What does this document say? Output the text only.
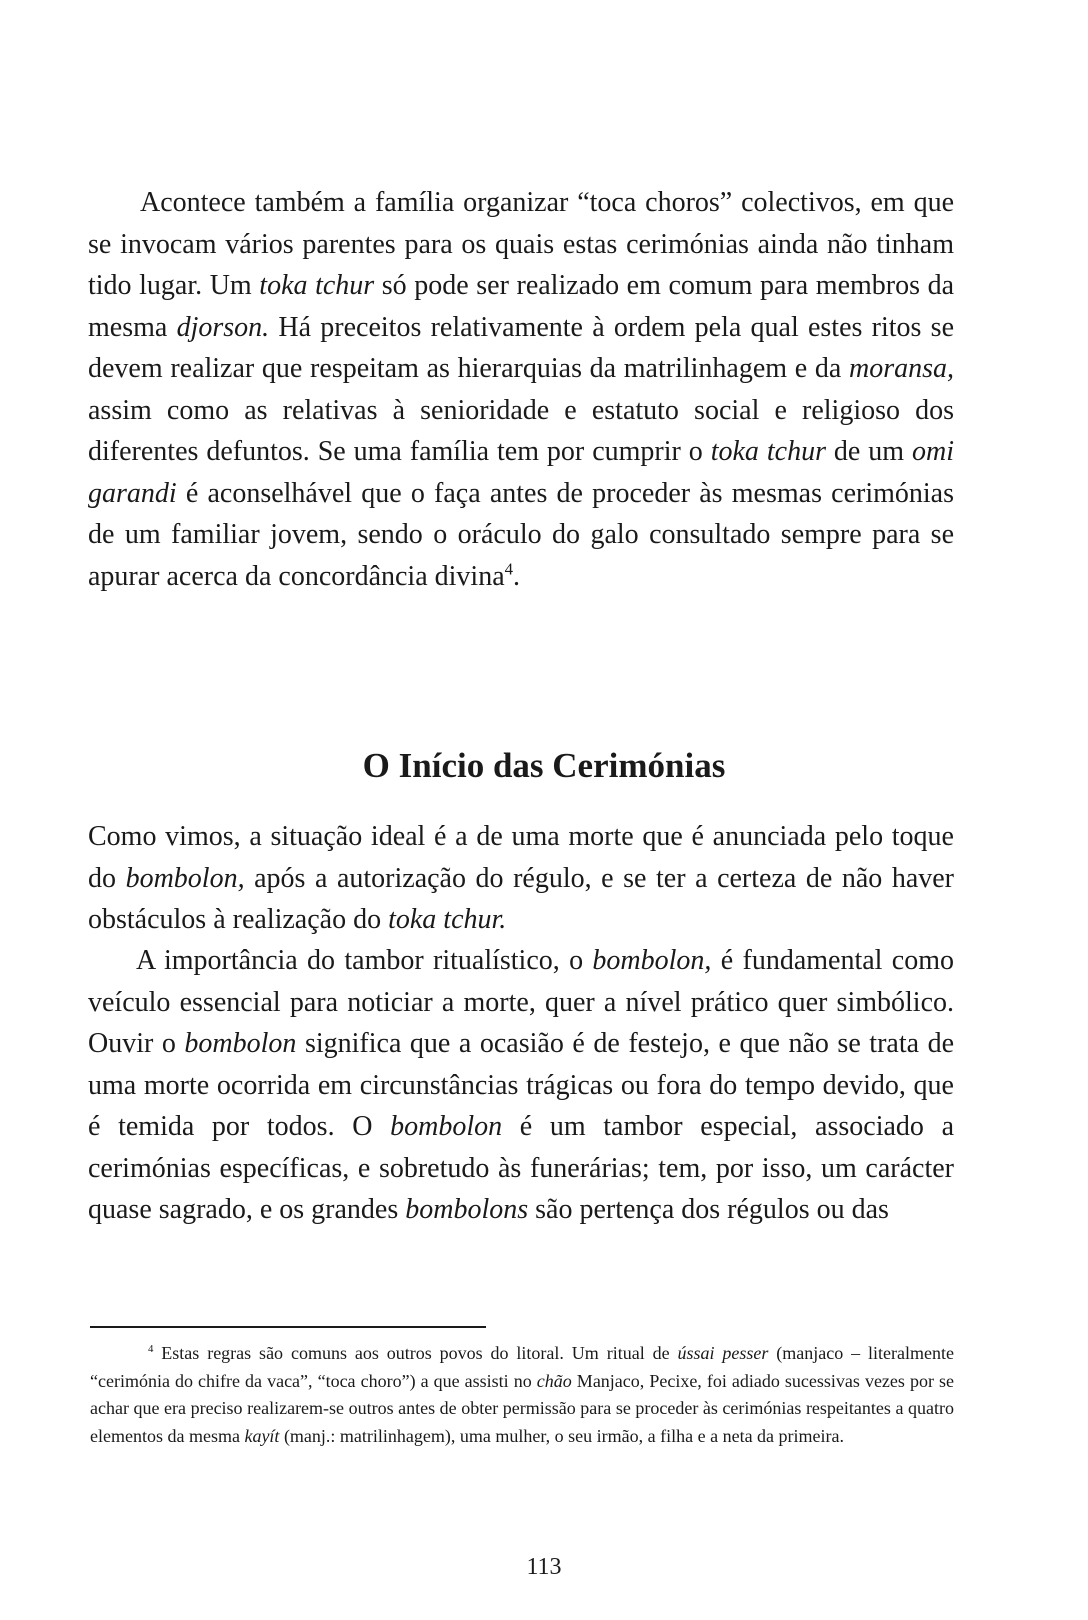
Acontece também a família organizar “toca choros” colectivos, em que se invocam vários parentes para os quais estas cerimónias ainda não tinham tido lugar. Um toka tchur só pode ser realizado em comum para membros da mesma djorson. Há preceitos relativamente à ordem pela qual estes ritos se devem realizar que respeitam as hierarquias da matrilinhagem e da moransa, assim como as relativas à senioridade e estatuto social e religioso dos diferentes defuntos. Se uma família tem por cumprir o toka tchur de um omi garandi é aconselhável que o faça antes de proceder às mesmas cerimónias de um familiar jovem, sendo o oráculo do galo consultado sempre para se apurar acerca da concordância divina$^4$.

O Início das Cerimónias

Como vimos, a situação ideal é a de uma morte que é anunciada pelo toque do bombolon, após a autorização do régulo, e se ter a certeza de não haver obstáculos à realização do toka tchur.

A importância do tambor ritualístico, o bombolon, é fundamental como veículo essencial para noticiar a morte, quer a nível prático quer simbólico. Ouvir o bombolon significa que a ocasião é de festejo, e que não se trata de uma morte ocorrida em circunstâncias trágicas ou fora do tempo devido, que é temida por todos. O bombolon é um tambor especial, associado a cerimónias específicas, e sobretudo às funerárias; tem, por isso, um carácter quase sagrado, e os grandes bombolons são pertença dos régulos ou das

$^4$ Estas regras são comuns aos outros povos do litoral. Um ritual de ússai pesser (manjaco – literalmente “cerimónia do chifre da vaca”, “toca choro”) a que assisti no chão Manjaco, Pecixe, foi adiado sucessivas vezes por se achar que era preciso realizarem-se outros antes de obter permissão para se proceder às cerimónias respeitantes a quatro elementos da mesma kayít (manj.: matrilinhagem), uma mulher, o seu irmão, a filha e a neta da primeira.

113
